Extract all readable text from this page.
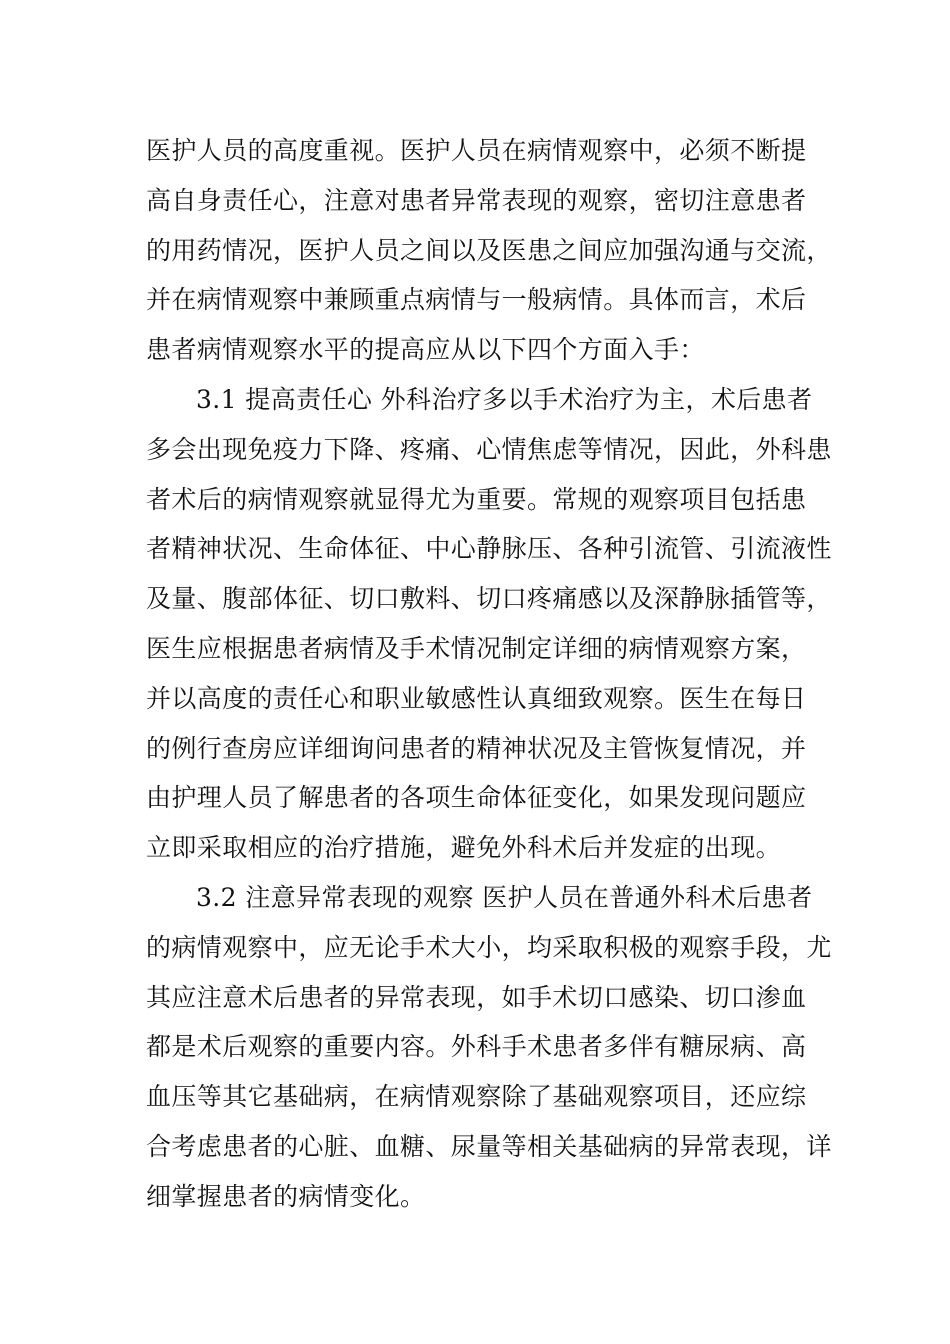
医护人员的高度重视。医护人员在病情观察中，必须不断提
高自身责任心，注意对患者异常表现的观察，密切注意患者
的用药情况，医护人员之间以及医患之间应加强沟通与交流，
并在病情观察中兼顾重点病情与一般病情。具体而言，术后
患者病情观察水平的提高应从以下四个方面入手：
3.1 提高责任心 外科治疗多以手术治疗为主，术后患者
多会出现免疫力下降、疼痛、心情焦虑等情况，因此，外科患
者术后的病情观察就显得尤为重要。常规的观察项目包括患
者精神状况、生命体征、中心静脉压、各种引流管、引流液性
及量、腹部体征、切口敷料、切口疼痛感以及深静脉插管等，
医生应根据患者病情及手术情况制定详细的病情观察方案，
并以高度的责任心和职业敏感性认真细致观察。医生在每日
的例行查房应详细询问患者的精神状况及主管恢复情况，并
由护理人员了解患者的各项生命体征变化，如果发现问题应
立即采取相应的治疗措施，避免外科术后并发症的出现。
3.2 注意异常表现的观察 医护人员在普通外科术后患者
的病情观察中，应无论手术大小，均采取积极的观察手段，尤
其应注意术后患者的异常表现，如手术切口感染、切口渗血
都是术后观察的重要内容。外科手术患者多伴有糖尿病、高
血压等其它基础病，在病情观察除了基础观察项目，还应综
合考虑患者的心脏、血糖、尿量等相关基础病的异常表现，详
细掌握患者的病情变化。
